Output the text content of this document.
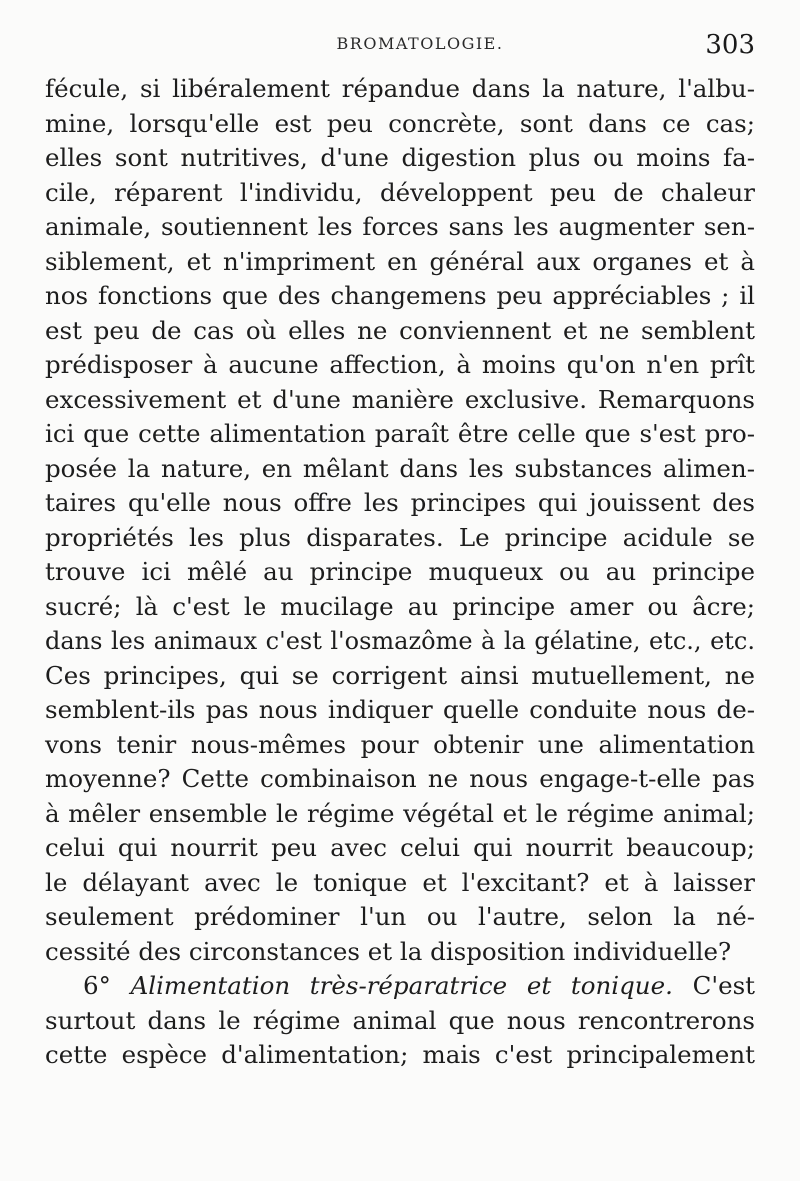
BROMATOLOGIE.	303
fécule, si libéralement répandue dans la nature, l'albu-
mine, lorsqu'elle est peu concrète, sont dans ce cas;
elles sont nutritives, d'une digestion plus ou moins fa-
cile, réparent l'individu, développent peu de chaleur
animale, soutiennent les forces sans les augmenter sen-
siblement, et n'impriment en général aux organes et à
nos fonctions que des changemens peu appréciables ; il
est peu de cas où elles ne conviennent et ne semblent
prédisposer à aucune affection, à moins qu'on n'en prît
excessivement et d'une manière exclusive. Remarquons
ici que cette alimentation paraît être celle que s'est pro-
posée la nature, en mêlant dans les substances alimen-
taires qu'elle nous offre les principes qui jouissent des
propriétés les plus disparates. Le principe acidule se
trouve ici mêlé au principe muqueux ou au principe
sucré; là c'est le mucilage au principe amer ou âcre;
dans les animaux c'est l'osmazôme à la gélatine, etc., etc.
Ces principes, qui se corrigent ainsi mutuellement, ne
semblent-ils pas nous indiquer quelle conduite nous de-
vons tenir nous-mêmes pour obtenir une alimentation
moyenne? Cette combinaison ne nous engage-t-elle pas
à mêler ensemble le régime végétal et le régime animal;
celui qui nourrit peu avec celui qui nourrit beaucoup;
le délayant avec le tonique et l'excitant? et à laisser
seulement prédominer l'un ou l'autre, selon la né-
cessité des circonstances et la disposition individuelle?
6° Alimentation très-réparatrice et tonique. C'est
surtout dans le régime animal que nous rencontrerons
cette espèce d'alimentation; mais c'est principalement
